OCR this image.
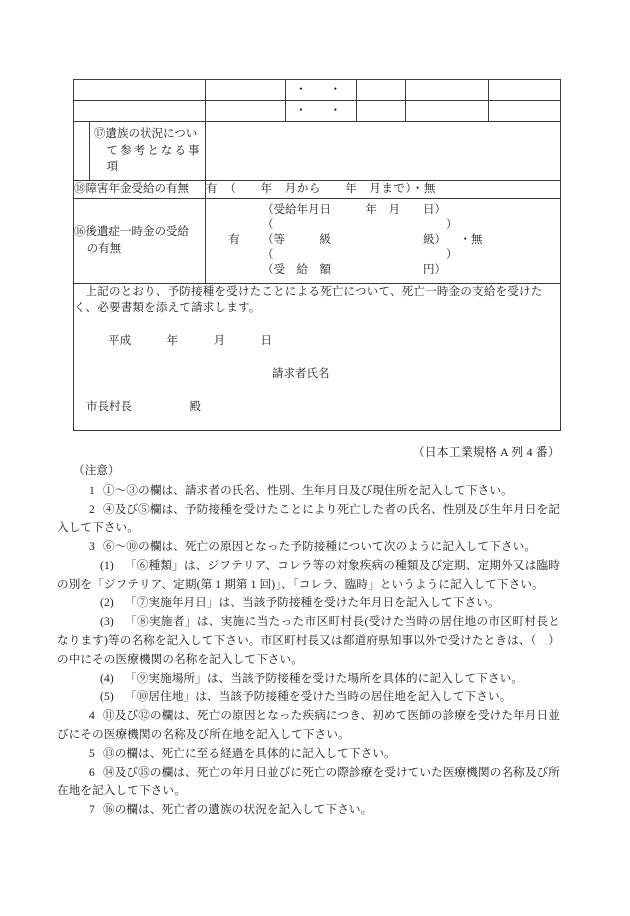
		・　・			
		・　・			

⑰遺族の状況につい
て参考となる事
項					

⑱障害年金受給の有無	有　（　　年　月から　　年　月まで）・無				

⑯後遺症一時金の受給
の有無

有
（受給年月日　　　年　月　　日）
（　　　　　　　　　　　　　　　）
（等　　　級　　　　　　　　級）
（　　　　　　　　　　　　　　　）
（受　給　額　　　　　　　　円）
・無

上記のとおり、予防接種を受けたことによる死亡について、死亡一時金の支給を受けたく、必要書類を添えて請求します。
平成　　　年　　　月　　　日
請求者氏名
市長村長　　　　　殿					
（日本工業規格 A 列 4 番）
（注意）
1 ①～③の欄は、請求者の氏名、性別、生年月日及び現住所を記入して下さい。
2 ④及び⑤欄は、予防接種を受けたことにより死亡した者の氏名、性別及び生年月日を記入して下さい。
3 ⑥～⑩の欄は、死亡の原因となった予防接種について次のように記入して下さい。
(1) 「⑥種類」は、ジフテリア、コレラ等の対象疾病の種類及び定期、定期外又は臨時の別を「ジフテリア、定期(第 1 期第 1 回)」、「コレラ、臨時」というように記入して下さい。
(2) 「⑦実施年月日」は、当該予防接種を受けた年月日を記入して下さい。
(3) 「⑧実施者」は、実施に当たった市区町村長(受けた当時の居住地の市区町村長となります)等の名称を記入して下さい。市区町村長又は都道府県知事以外で受けたときは、（　）の中にその医療機関の名称を記入して下さい。
(4) 「⑨実施場所」は、当該予防接種を受けた場所を具体的に記入して下さい。
(5) 「⑩居住地」は、当該予防接種を受けた当時の居住地を記入して下さい。
4 ⑪及び⑫の欄は、死亡の原因となった疾病につき、初めて医師の診療を受けた年月日並びにその医療機関の名称及び所在地を記入して下さい。
5 ⑬の欄は、死亡に至る経過を具体的に記入して下さい。
6 ⑭及び⑮の欄は、死亡の年月日並びに死亡の際診療を受けていた医療機関の名称及び所在地を記入して下さい。
7 ⑯の欄は、死亡者の遺族の状況を記入して下さい。
